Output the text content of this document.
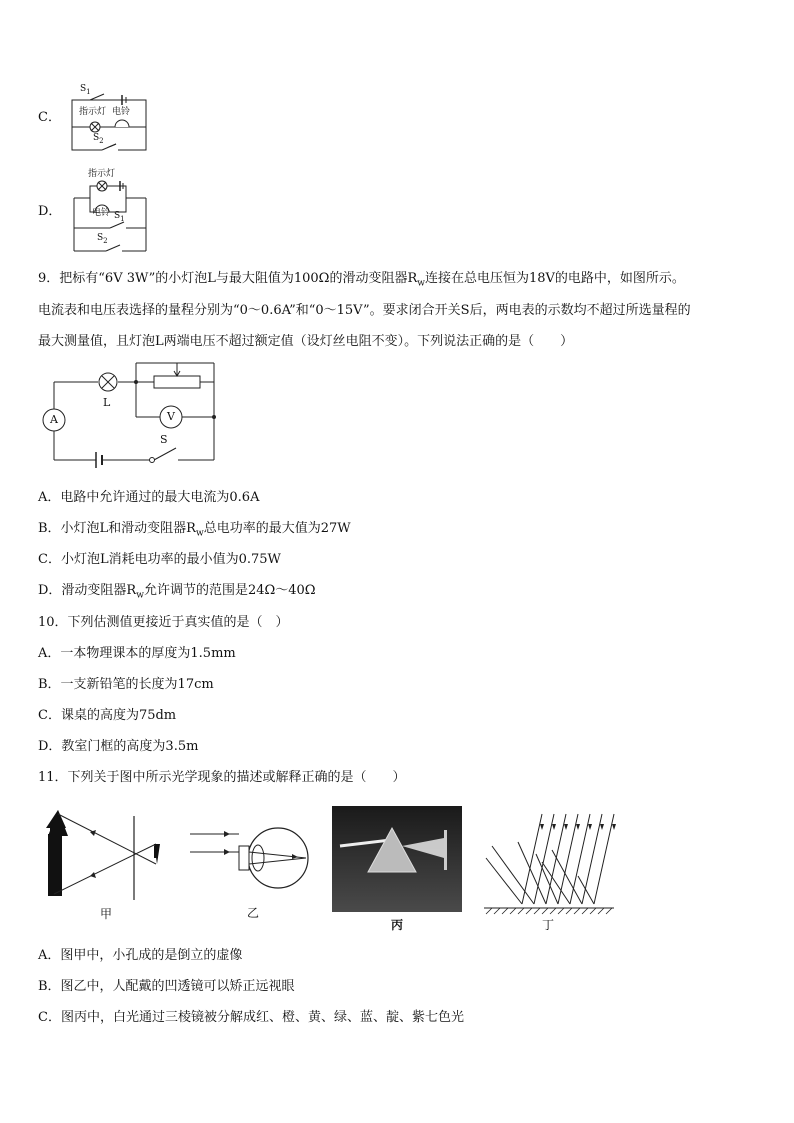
C．
$S_1$
指示灯 电铃
$S_2$
D．
指示灯
电铃 $S_1$
$S_2$
9．把标有“6V 3W”的小灯泡L与最大阻值为100Ω的滑动变阻器$R_w$连接在总电压恒为18V的电路中，如图所示。
电流表和电压表选择的量程分别为“0～0.6A”和“0～15V”。要求闭合开关S后，两电表的示数均不超过所选量程的
最大测量值，且灯泡L两端电压不超过额定值（设灯丝电阻不变）。下列说法正确的是（　　）
A	V
L
S
A．电路中允许通过的最大电流为0.6A
B．小灯泡L和滑动变阻器$R_w$总电功率的最大值为27W
C．小灯泡L消耗电功率的最小值为0.75W
D．滑动变阻器$R_w$允许调节的范围是24Ω～40Ω
10．下列估测值更接近于真实值的是（　）
A．一本物理课本的厚度为1.5mm
B．一支新铅笔的长度为17cm
C．课桌的高度为75dm
D．教室门框的高度为3.5m
11．下列关于图中所示光学现象的描述或解释正确的是（　　）
甲	乙
丙	丁
A．图甲中，小孔成的是倒立的虚像
B．图乙中，人配戴的凹透镜可以矫正远视眼
C．图丙中，白光通过三棱镜被分解成红、橙、黄、绿、蓝、靛、紫七色光
